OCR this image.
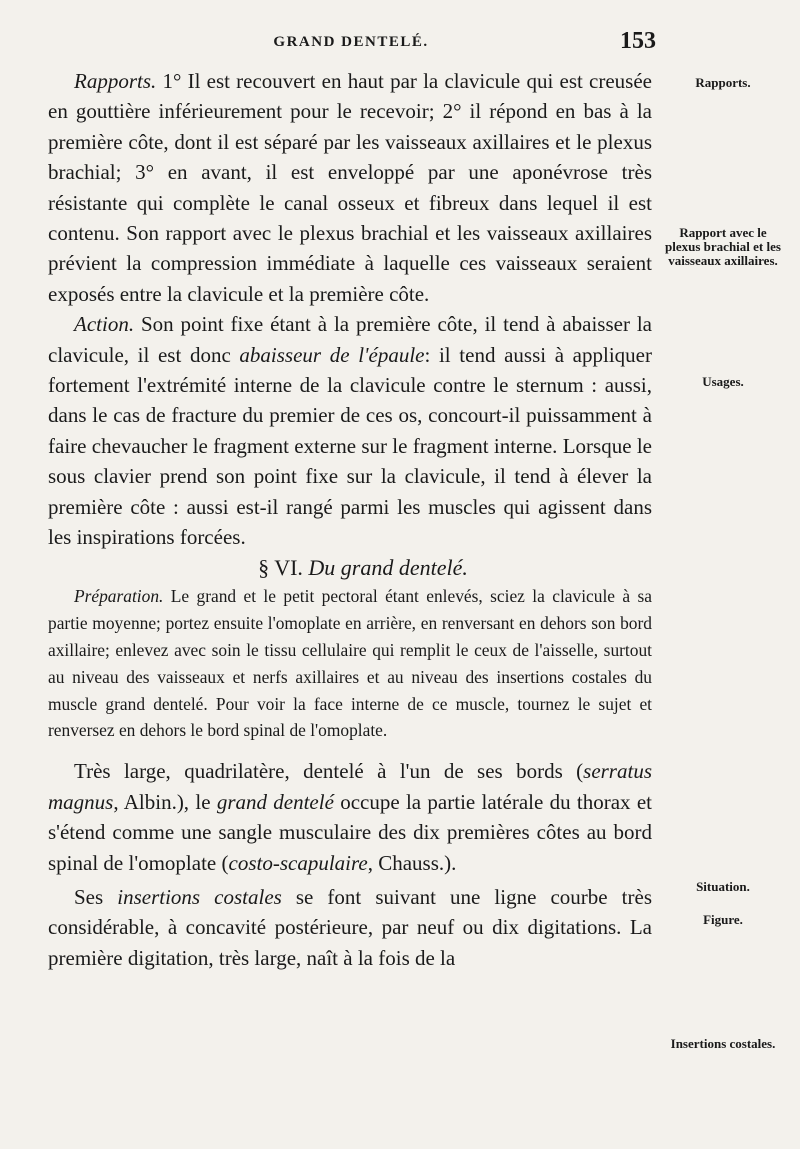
GRAND DENTELÉ.	153

Rapports. 1° Il est recouvert en haut par la clavicule qui est creusée en gouttière inférieurement pour le recevoir; 2° il répond en bas à la première côte, dont il est séparé par les vaisseaux axillaires et le plexus brachial; 3° en avant, il est enveloppé par une aponévrose très résistante qui complète le canal osseux et fibreux dans lequel il est contenu. Son rapport avec le plexus brachial et les vaisseaux axillaires prévient la compression immédiate à laquelle ces vaisseaux seraient exposés entre la clavicule et la première côte.

Action. Son point fixe étant à la première côte, il tend à abaisser la clavicule, il est donc abaisseur de l'épaule: il tend aussi à appliquer fortement l'extrémité interne de la clavicule contre le sternum : aussi, dans le cas de fracture du premier de ces os, concourt-il puissamment à faire chevaucher le fragment externe sur le fragment interne. Lorsque le sous clavier prend son point fixe sur la clavicule, il tend à élever la première côte : aussi est-il rangé parmi les muscles qui agissent dans les inspirations forcées.

§ VI. Du grand dentelé.

Préparation. Le grand et le petit pectoral étant enlevés, sciez la clavicule à sa partie moyenne; portez ensuite l'omoplate en arrière, en renversant en dehors son bord axillaire; enlevez avec soin le tissu cellulaire qui remplit le ceux de l'aisselle, surtout au niveau des vaisseaux et nerfs axillaires et au niveau des insertions costales du muscle grand dentelé. Pour voir la face interne de ce muscle, tournez le sujet et renversez en dehors le bord spinal de l'omoplate.

Très large, quadrilatère, dentelé à l'un de ses bords (serratus magnus, Albin.), le grand dentelé occupe la partie latérale du thorax et s'étend comme une sangle musculaire des dix premières côtes au bord spinal de l'omoplate (costo-scapulaire, Chauss.).

Ses insertions costales se font suivant une ligne courbe très considérable, à concavité postérieure, par neuf ou dix digitations. La première digitation, très large, naît à la fois de la

Rapports.
Rapport avec le plexus brachial et les vaisseaux axillaires.
Usages.
Situation.
Figure.
Insertions costales.
